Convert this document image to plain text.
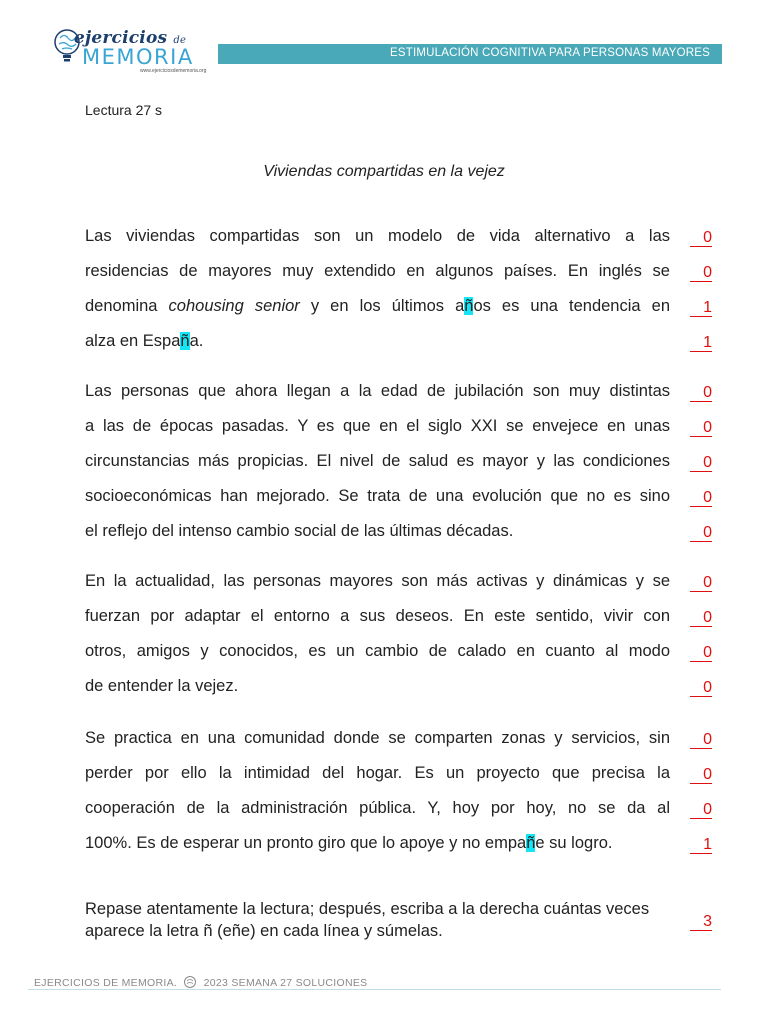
ejercicios de
MEMORIA
www.ejerciciosdememoria.org
ESTIMULACIÓN COGNITIVA PARA PERSONAS MAYORES
Lectura 27 s
Viviendas compartidas en la vejez
Las viviendas compartidas son un modelo de vida alternativo a las	0
residencias de mayores muy extendido en algunos países. En inglés se	0
denomina cohousing senior y en los últimos años es una tendencia en	1
alza en España.	1
Las personas que ahora llegan a la edad de jubilación son muy distintas	0
a las de épocas pasadas. Y es que en el siglo XXI se envejece en unas	0
circunstancias más propicias. El nivel de salud es mayor y las condiciones	0
socioeconómicas han mejorado. Se trata de una evolución que no es sino	0
el reflejo del intenso cambio social de las últimas décadas.	0
En la actualidad, las personas mayores son más activas y dinámicas y se	0
fuerzan por adaptar el entorno a sus deseos. En este sentido, vivir con	0
otros, amigos y conocidos, es un cambio de calado en cuanto al modo	0
de entender la vejez.	0
Se practica en una comunidad donde se comparten zonas y servicios, sin	0
perder por ello la intimidad del hogar. Es un proyecto que precisa la	0
cooperación de la administración pública. Y, hoy por hoy, no se da al	0
100%. Es de esperar un pronto giro que lo apoye y no empañe su logro.	1
Repase atentamente la lectura; después, escriba a la derecha cuántas veces aparece la letra ñ (eñe) en cada línea y súmelas.
3
EJERCICIOS DE MEMORIA.	2023 SEMANA 27 SOLUCIONES
